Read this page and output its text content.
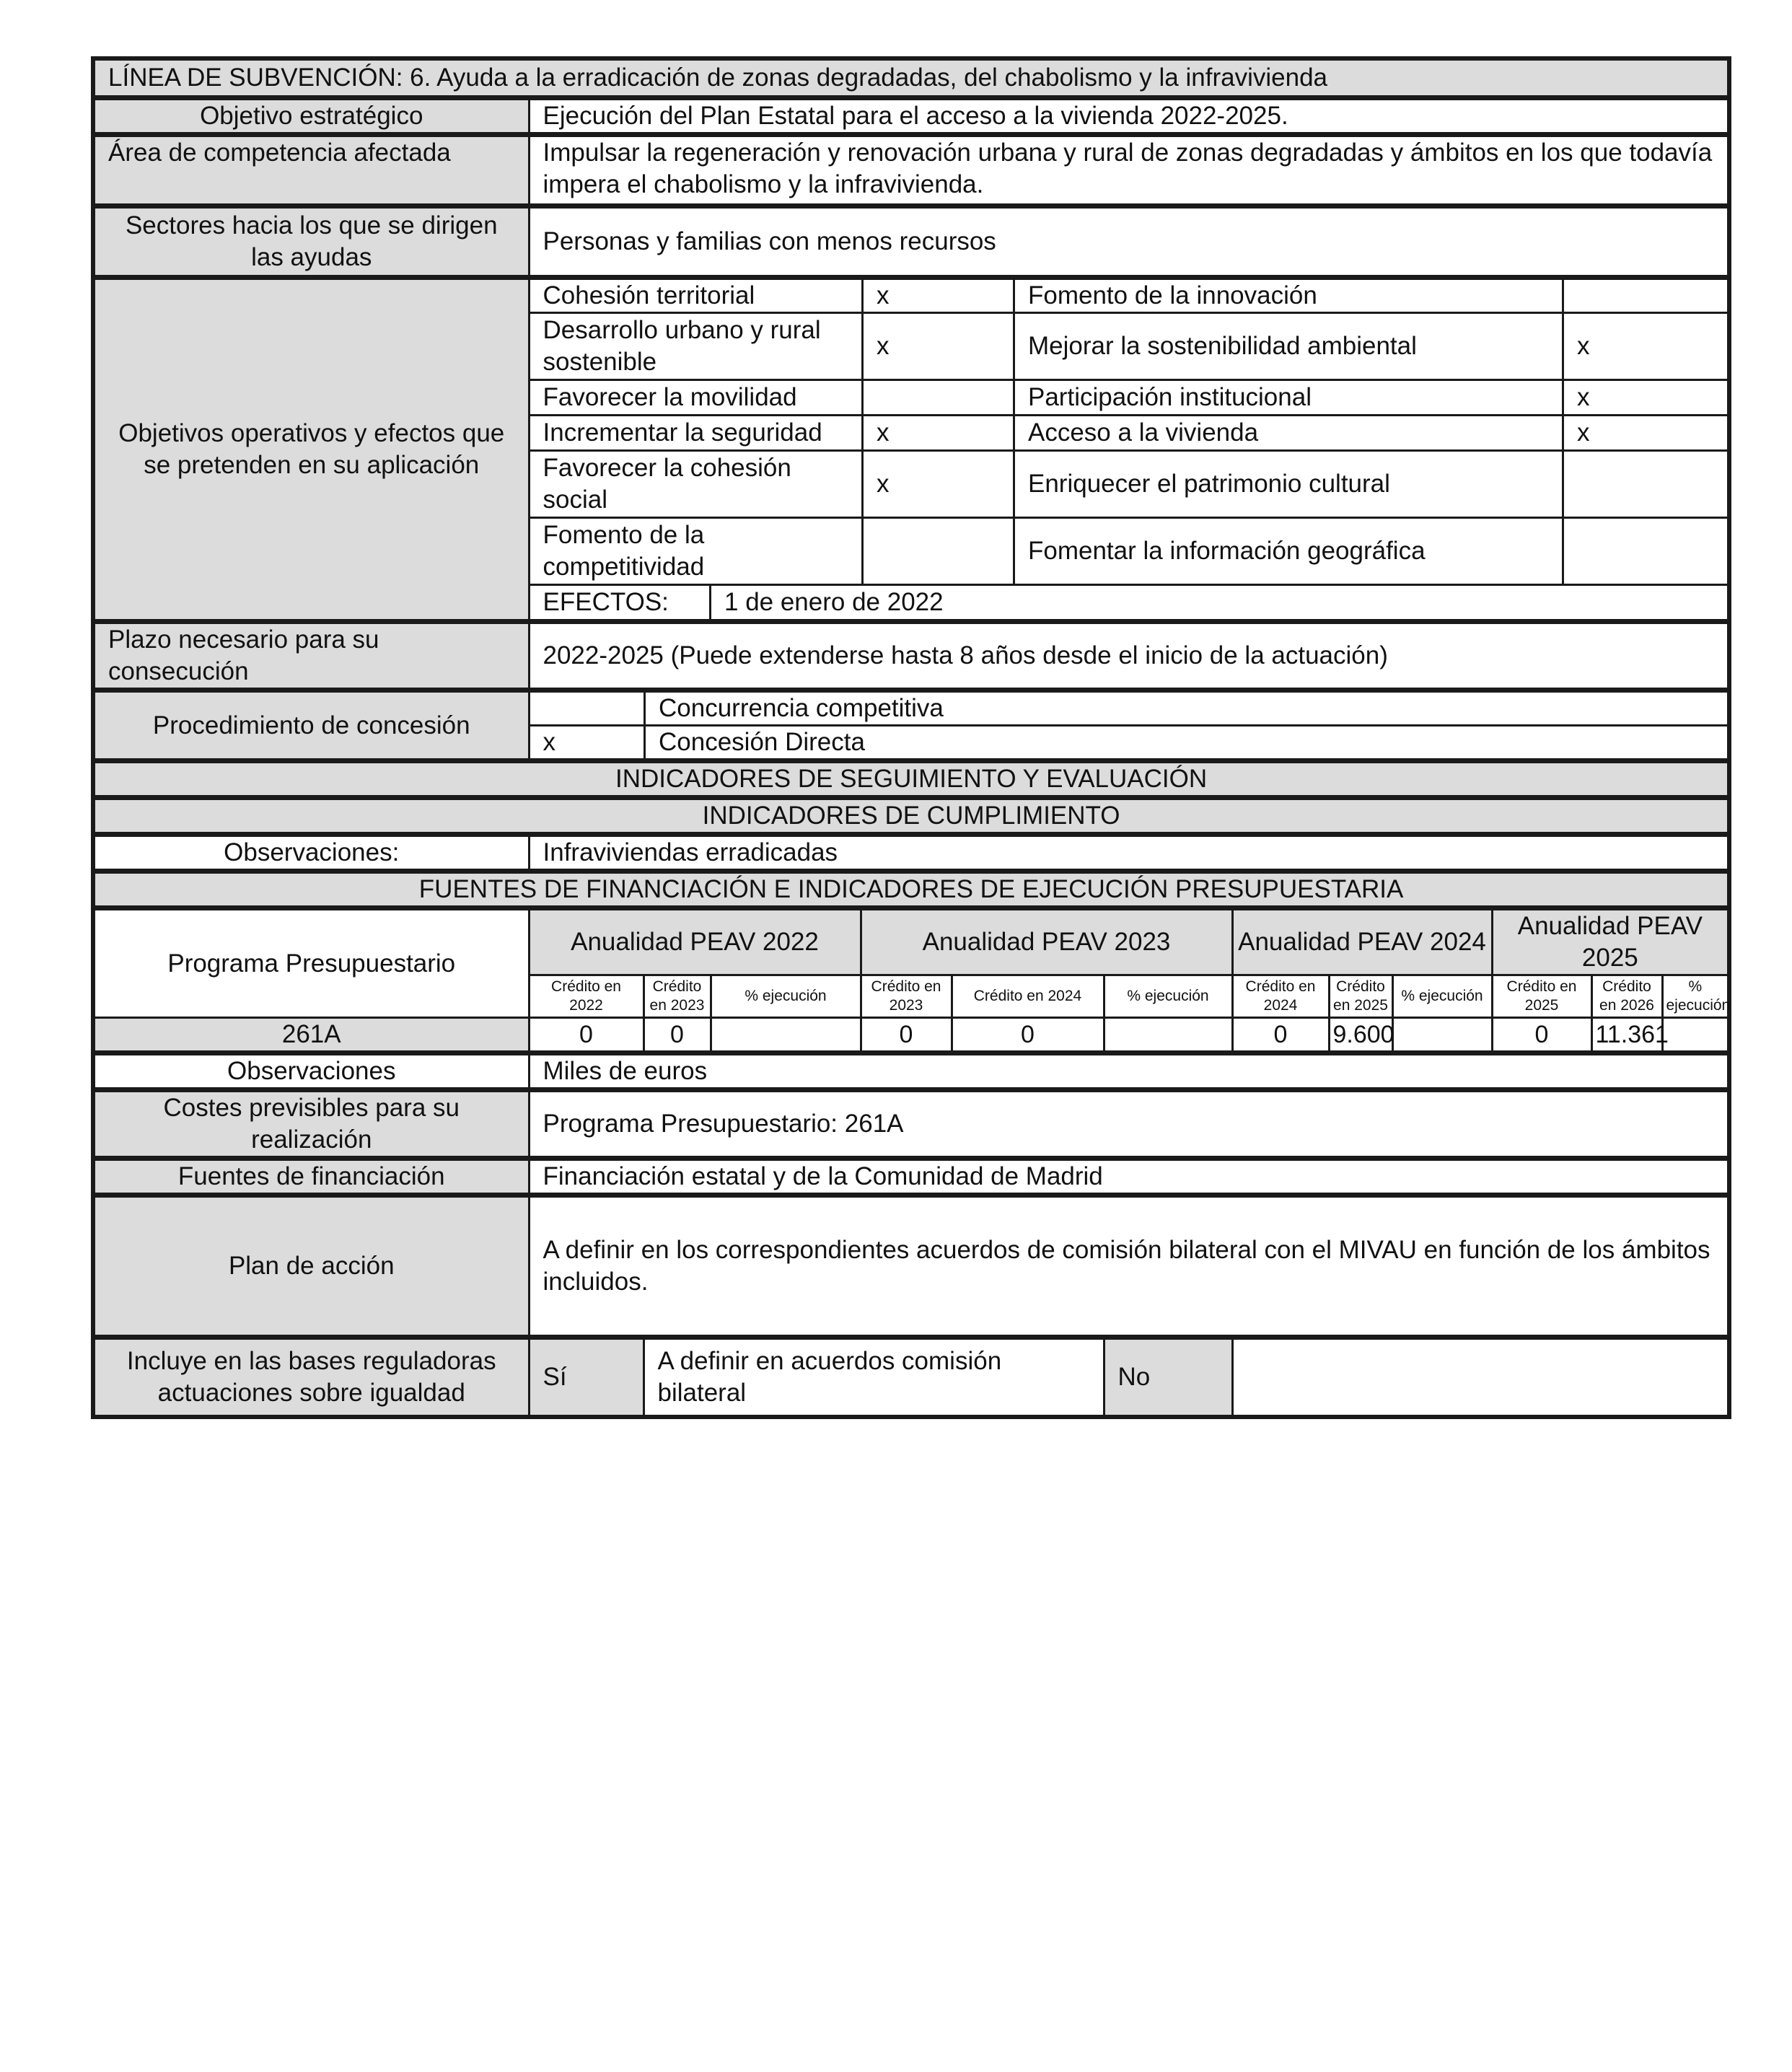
LÍNEA DE SUBVENCIÓN: 6. Ayuda a la erradicación de zonas degradadas, del chabolismo y la infravivienda
Objetivo estratégico	Ejecución del Plan Estatal para el acceso a la vivienda 2022-2025.
Área de competencia afectada	Impulsar la regeneración y renovación urbana y rural de zonas degradadas y ámbitos en los que todavía impera el chabolismo y la infravivienda.
Sectores hacia los que se dirigen las ayudas	Personas y familias con menos recursos
Objetivos operativos y efectos que se pretenden en su aplicación	
Cohesión territorial	x	Fomento de la innovación	
Desarrollo urbano y rural sostenible	x	Mejorar la sostenibilidad ambiental	x
Favorecer la movilidad		Participación institucional	x
Incrementar la seguridad	x	Acceso a la vivienda	x
Favorecer la cohesión social	x	Enriquecer el patrimonio cultural	
Fomento de la competitividad		Fomentar la información geográfica	
EFECTOS:	1 de enero de 2022

Plazo necesario para su consecución	2022-2025 (Puede extenderse hasta 8 años desde el inicio de la actuación)
Procedimiento de concesión	
	Concurrencia competitiva
x	Concesión Directa

INDICADORES DE SEGUIMIENTO Y EVALUACIÓN
INDICADORES DE CUMPLIMIENTO
Observaciones:	Infraviviendas erradicadas
FUENTES DE FINANCIACIÓN E INDICADORES DE EJECUCIÓN PRESUPUESTARIA
Programa Presupuestario	Anualidad PEAV 2022	Anualidad PEAV 2023	Anualidad PEAV 2024	Anualidad PEAV 2025
Crédito en 2022	Crédito en 2023	% ejecución	Crédito en 2023	Crédito en 2024	% ejecución	Crédito en 2024	Crédito en 2025	% ejecución	Crédito en 2025	Crédito en 2026	% ejecución
261A	0	0		0	0		0	9.600		0	11.361	
Observaciones	Miles de euros
Costes previsibles para su realización	Programa Presupuestario: 261A
Fuentes de financiación	Financiación estatal y de la Comunidad de Madrid
Plan de acción	A definir en los correspondientes acuerdos de comisión bilateral con el MIVAU en función de los ámbitos incluidos.
Incluye en las bases reguladoras actuaciones sobre igualdad	Sí	A definir en acuerdos comisión bilateral	No	
